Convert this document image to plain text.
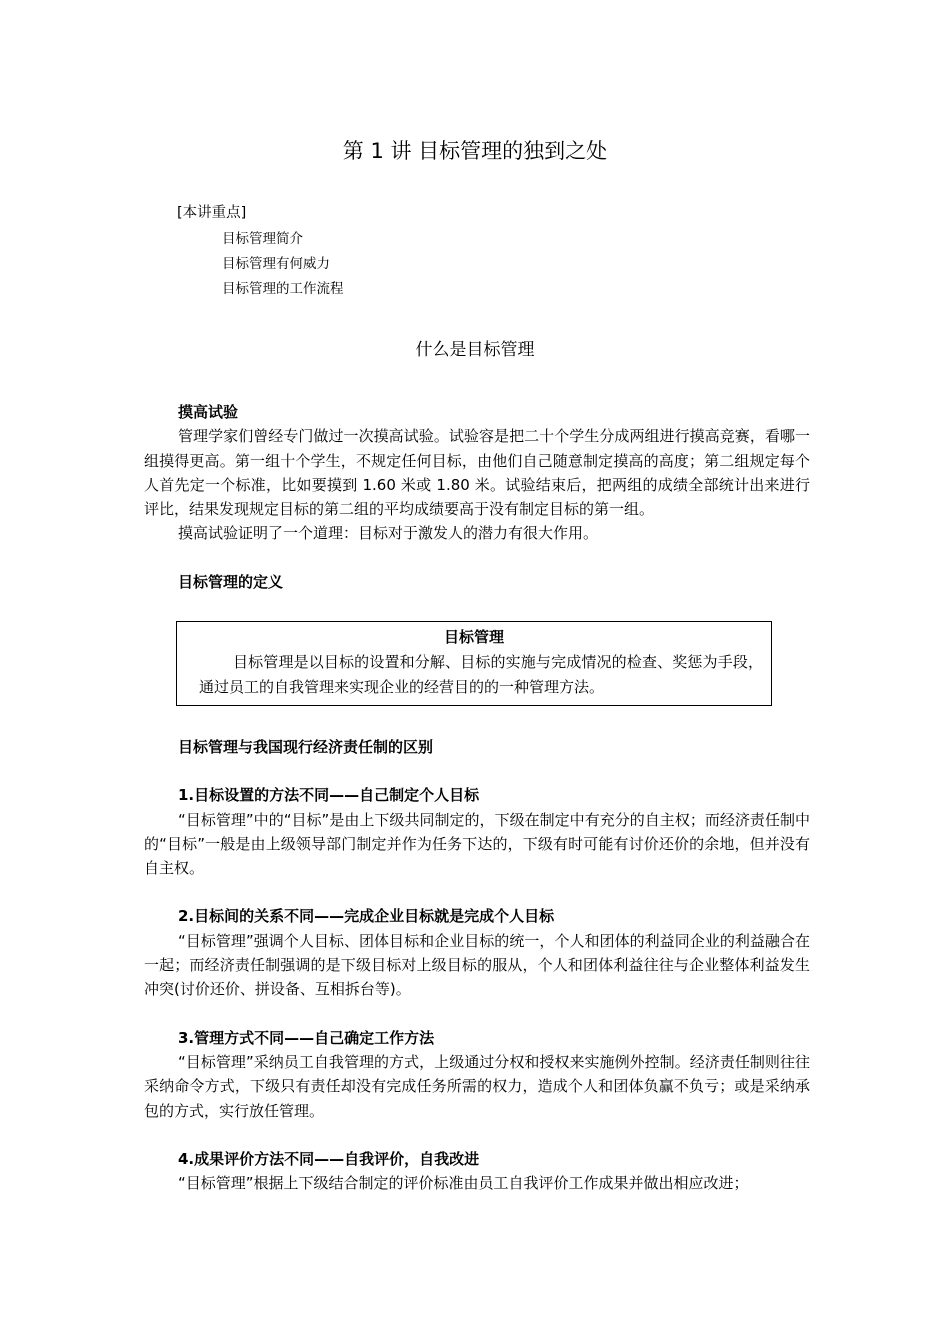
第 1 讲 目标管理的独到之处
[本讲重点]
目标管理简介
目标管理有何威力
目标管理的工作流程
什么是目标管理
摸高试验

管理学家们曾经专门做过一次摸高试验。试验容是把二十个学生分成两组进行摸高竞赛，看哪一组摸得更高。第一组十个学生，不规定任何目标，由他们自己随意制定摸高的高度；第二组规定每个人首先定一个标准，比如要摸到 1.60 米或 1.80 米。试验结束后，把两组的成绩全部统计出来进行评比，结果发现规定目标的第二组的平均成绩要高于没有制定目标的第一组。

摸高试验证明了一个道理：目标对于激发人的潜力有很大作用。

目标管理的定义
目标管理
目标管理是以目标的设置和分解、目标的实施与完成情况的检查、奖惩为手段，通过员工的自我管理来实现企业的经营目的的一种管理方法。
目标管理与我国现行经济责任制的区别
1.目标设置的方法不同——自己制定个人目标

“目标管理”中的“目标”是由上下级共同制定的，下级在制定中有充分的自主权；而经济责任制中的“目标”一般是由上级领导部门制定并作为任务下达的，下级有时可能有讨价还价的余地，但并没有自主权。

2.目标间的关系不同——完成企业目标就是完成个人目标

“目标管理”强调个人目标、团体目标和企业目标的统一，个人和团体的利益同企业的利益融合在一起；而经济责任制强调的是下级目标对上级目标的服从，个人和团体利益往往与企业整体利益发生冲突(讨价还价、拼设备、互相拆台等)。

3.管理方式不同——自己确定工作方法

“目标管理”采纳员工自我管理的方式，上级通过分权和授权来实施例外控制。经济责任制则往往采纳命令方式，下级只有责任却没有完成任务所需的权力，造成个人和团体负赢不负亏；或是采纳承包的方式，实行放任管理。

4.成果评价方法不同——自我评价，自我改进

“目标管理”根据上下级结合制定的评价标准由员工自我评价工作成果并做出相应改进；
